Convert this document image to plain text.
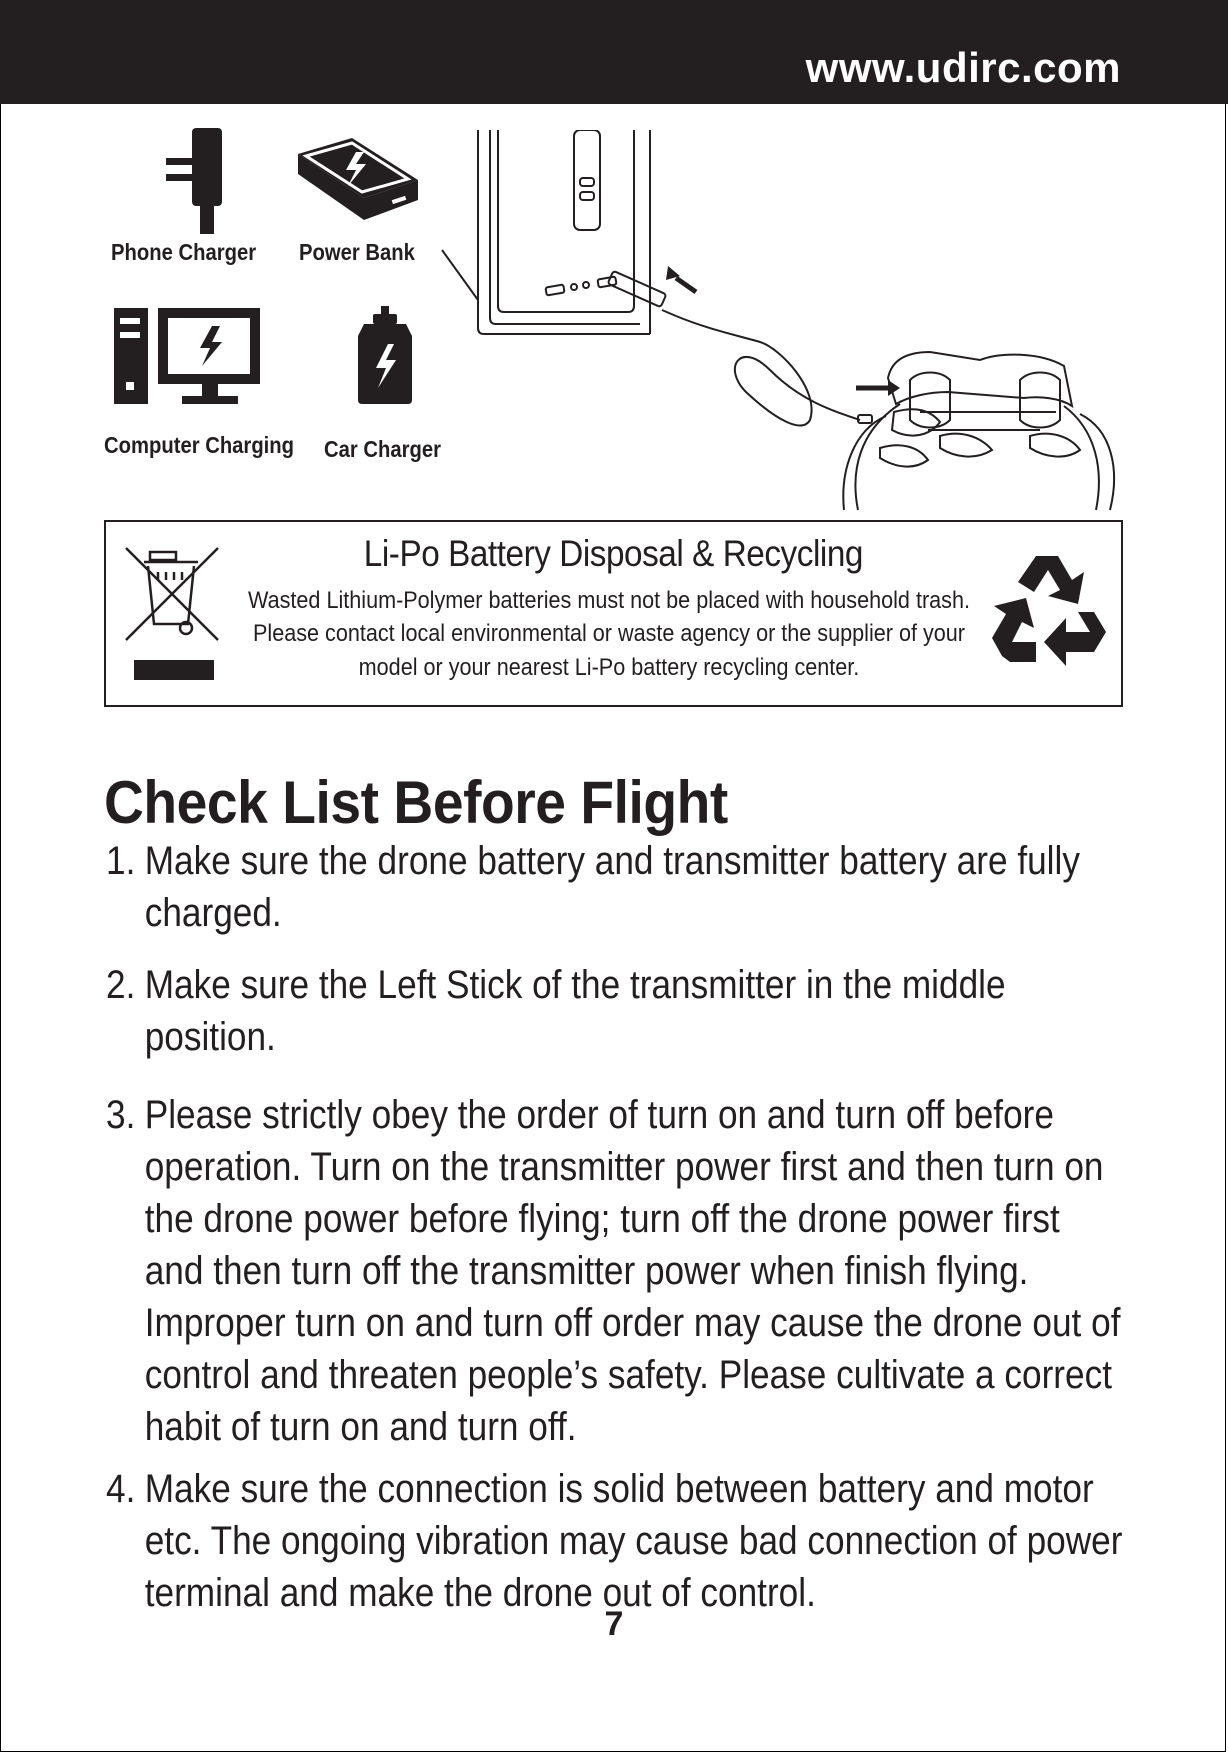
www.udirc.com
Phone Charger Power Bank
Computer Charging Car Charger
Li-Po Battery Disposal & Recycling
Wasted Lithium-Polymer batteries must not be placed with household trash.
Please contact local environmental or waste agency or the supplier of your
model or your nearest Li-Po battery recycling center.
Check List Before Flight
1. Make sure the drone battery and transmitter battery are fully charged.
2. Make sure the Left Stick of the transmitter in the middle position.
3. Please strictly obey the order of turn on and turn off before operation. Turn on the transmitter power first and then turn on the drone power before flying; turn off the drone power first and then turn off the transmitter power when finish flying. Improper turn on and turn off order may cause the drone out of control and threaten people’s safety. Please cultivate a correct habit of turn on and turn off.
4. Make sure the connection is solid between battery and motor etc. The ongoing vibration may cause bad connection of power terminal and make the drone out of control.
7
